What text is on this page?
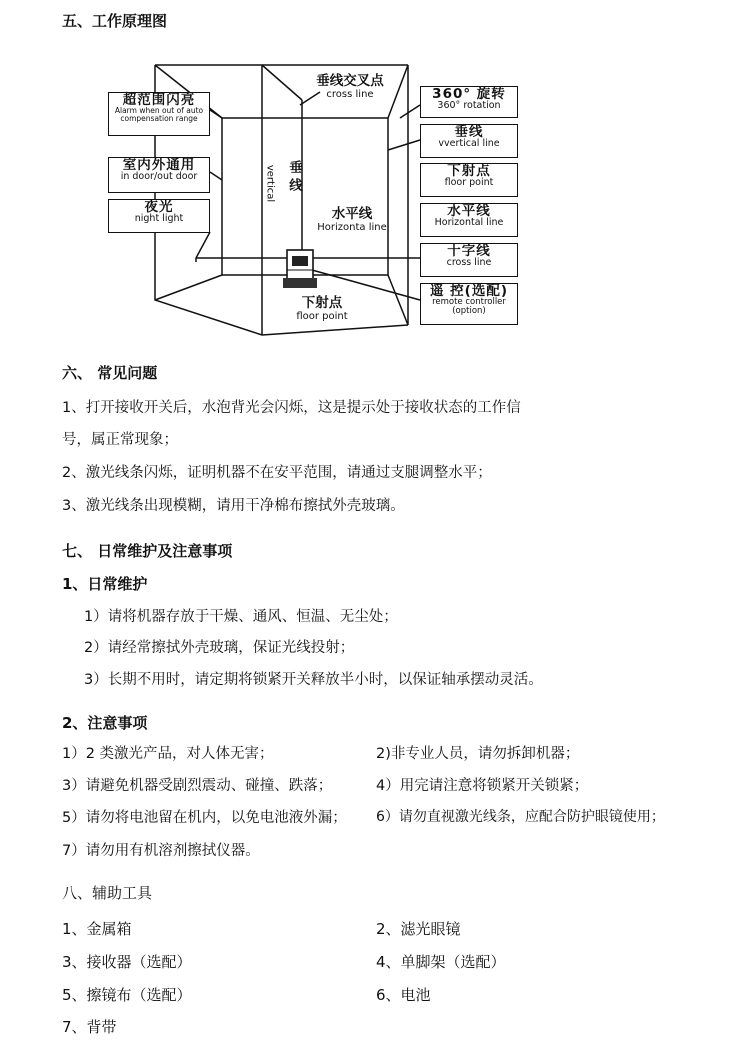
五、工作原理图
超范围闪亮
Alarm when out of auto compensation range
室内外通用
in door/out door
夜光
night light
360° 旋转
360° rotation
垂线
vvertical line
下射点
floor point
水平线
Horizontal line
十字线
cross line
遥 控(选配)
remote controller (option)
垂线交叉点
cross line
垂线
vertical
水平线
Horizonta line
下射点
floor point
六、 常见问题
1、打开接收开关后，水泡背光会闪烁，这是提示处于接收状态的工作信
号，属正常现象；
2、激光线条闪烁，证明机器不在安平范围，请通过支腿调整水平；
3、激光线条出现模糊，请用干净棉布擦拭外壳玻璃。
七、 日常维护及注意事项
1、日常维护
1）请将机器存放于干燥、通风、恒温、无尘处；
2）请经常擦拭外壳玻璃，保证光线投射；
3）长期不用时，请定期将锁紧开关释放半小时，以保证轴承摆动灵活。
2、注意事项
1）2 类激光产品，对人体无害；	2)非专业人员，请勿拆卸机器；
3）请避免机器受剧烈震动、碰撞、跌落；	4）用完请注意将锁紧开关锁紧；
5）请勿将电池留在机内，以免电池液外漏； 6）请勿直视激光线条，应配合防护眼镜使用；
7）请勿用有机溶剂擦拭仪器。
八、辅助工具
1、金属箱	2、滤光眼镜
3、接收器（选配）	4、单脚架（选配）
5、擦镜布（选配）	6、电池
7、背带
